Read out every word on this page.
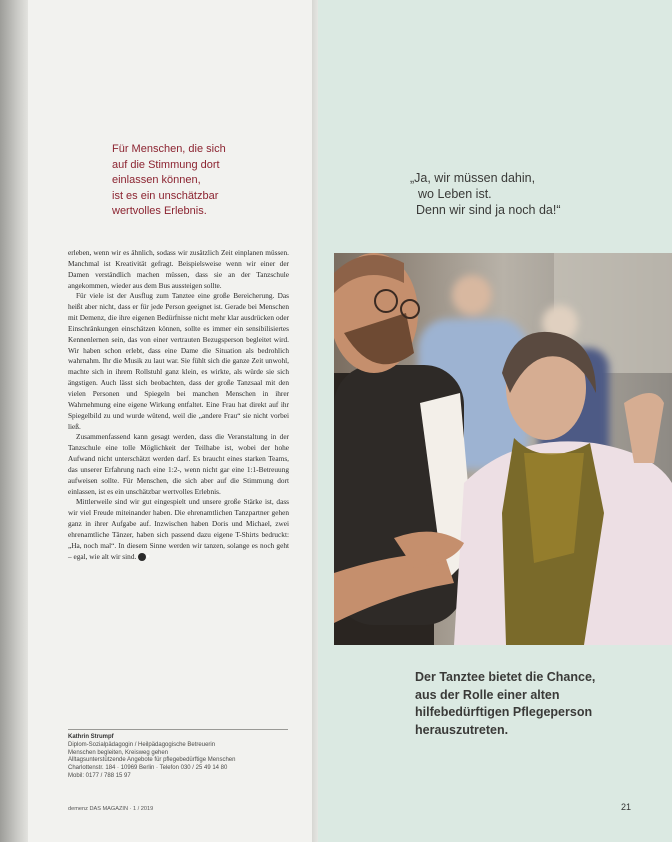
Für Menschen, die sich
auf die Stimmung dort
einlassen können,
ist es ein unschätzbar
wertvolles Erlebnis.

erleben, wenn wir es ähnlich, sodass wir zusätzlich Zeit einplanen müssen. Manchmal ist Kreativität gefragt. Beispielsweise wenn wir einer der Damen verständlich machen müssen, dass sie an der Tanzschule angekommen, wieder aus dem Bus aussteigen sollte.

Für viele ist der Ausflug zum Tanztee eine große Bereicherung. Das heißt aber nicht, dass er für jede Person geeignet ist. Gerade bei Menschen mit Demenz, die ihre eigenen Bedürfnisse nicht mehr klar ausdrücken oder Einschränkungen einschätzen können, sollte es immer ein sensibilisiertes Kennenlernen sein, das von einer vertrauten Bezugsperson begleitet wird. Wir haben schon erlebt, dass eine Dame die Situation als bedrohlich wahrnahm. Ihr die Musik zu laut war. Sie fühlt sich die ganze Zeit unwohl, machte sich in ihrem Rollstuhl ganz klein, es wirkte, als würde sie sich ängstigen. Auch lässt sich beobachten, dass der große Tanzsaal mit den vielen Personen und Spiegeln bei manchen Menschen in ihrer Wahrnehmung eine eigene Wirkung entfaltet. Eine Frau hat direkt auf ihr Spiegelbild zu und wurde wütend, weil die „andere Frau“ sie nicht vorbei ließ.

Zusammenfassend kann gesagt werden, dass die Veranstaltung in der Tanzschule eine tolle Möglichkeit der Teilhabe ist, wobei der hohe Aufwand nicht unterschätzt werden darf. Es braucht eines starken Teams, das unserer Erfahrung nach eine 1:2-, wenn nicht gar eine 1:1-Betreuung aufweisen sollte. Für Menschen, die sich aber auf die Stimmung dort einlassen, ist es ein unschätzbar wertvolles Erlebnis.

Mittlerweile sind wir gut eingespielt und unsere große Stärke ist, dass wir viel Freude miteinander haben. Die ehrenamtlichen Tanzpartner gehen ganz in ihrer Aufgabe auf. Inzwischen haben Doris und Michael, zwei ehrenamtliche Tänzer, haben sich passend dazu eigene T-Shirts bedruckt: „Ha, noch mal“. In diesem Sinne werden wir tanzen, solange es noch geht – egal, wie alt wir sind. ●

Kathrin Strumpf
Diplom-Sozialpädagogin / Heilpädagogische Betreuerin
Menschen begleiten, Kreisweg gehen
Alltagsunterstützende Angebote für pflegebedürftige Menschen
Charlottenstr. 184 · 10969 Berlin · Telefon 030 / 25 49 14 80
Mobil: 0177 / 788 15 97
demenz DAS MAGAZIN · 1 / 2019
„Ja, wir müssen dahin,
wo Leben ist.
Denn wir sind ja noch da!“
Der Tanztee bietet die Chance,
aus der Rolle einer alten
hilfebedürftigen Pflegeperson
herauszutreten.
21
